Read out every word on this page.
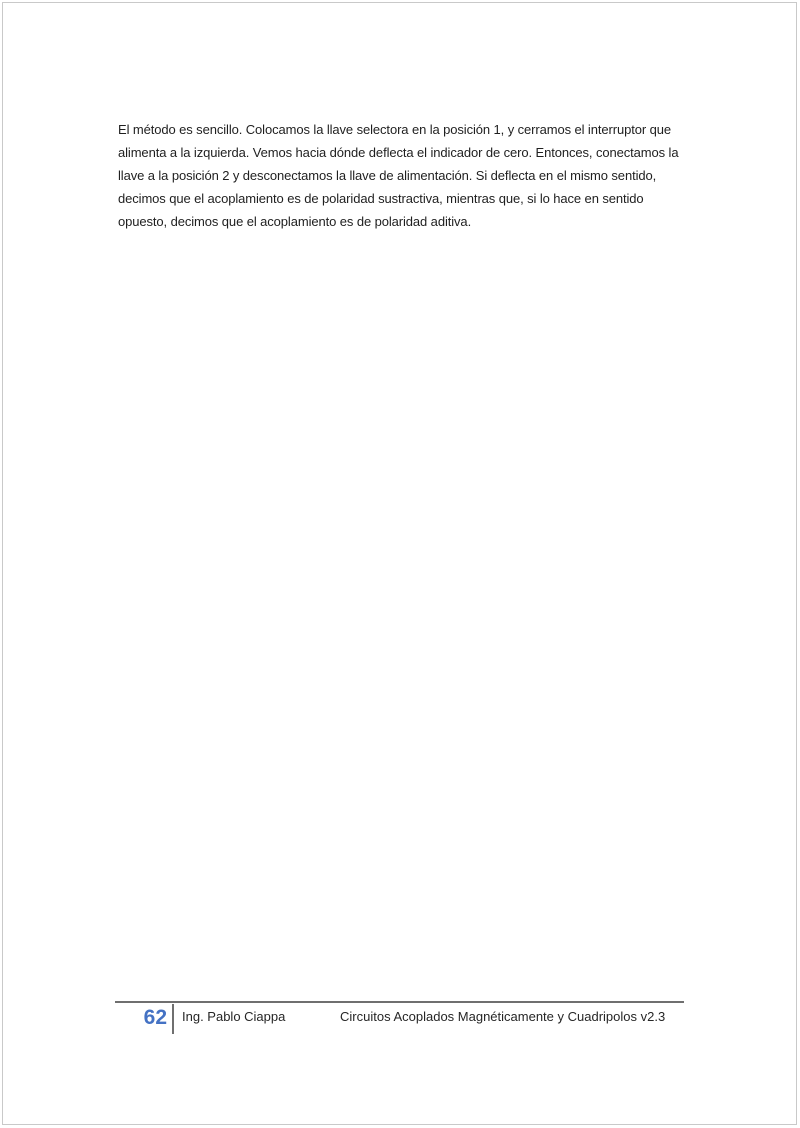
El método es sencillo. Colocamos la llave selectora en la posición 1, y cerramos el interruptor que alimenta a la izquierda. Vemos hacia dónde deflecta el indicador de cero. Entonces, conectamos la llave a la posición 2 y desconectamos la llave de alimentación. Si deflecta en el mismo sentido, decimos que el acoplamiento es de polaridad sustractiva, mientras que, si lo hace en sentido opuesto, decimos que el acoplamiento es de polaridad aditiva.

62 Ing. Pablo Ciappa	Circuitos Acoplados Magnéticamente y Cuadripolos v2.3
